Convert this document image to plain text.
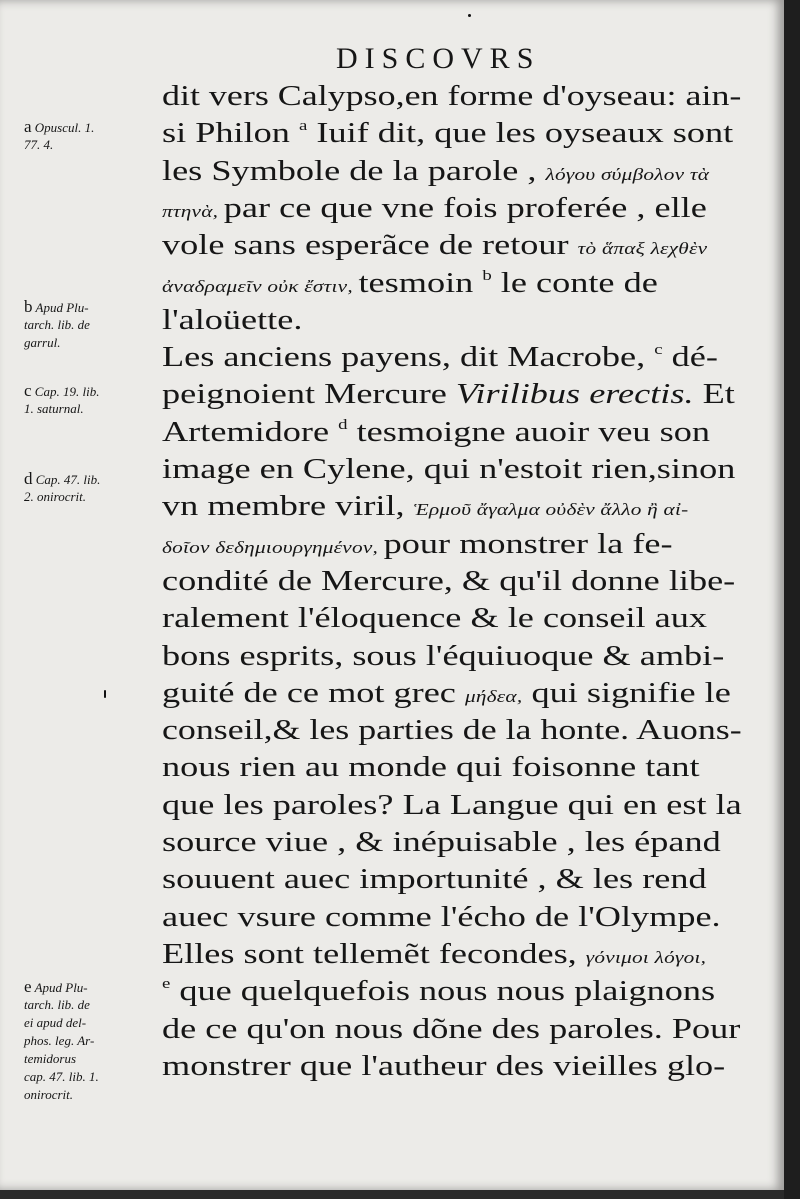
DISCOVRS
dit vers Calypso,en forme d'oyseau: ain-
si Philon $^a$ Iuif dit, que les oyseaux sont
les Symbole de la parole , λόγου σύμβολον τὰ
πτηνὰ, par ce que vne fois proferée , elle
vole sans esperãce de retour τὸ ἅπαξ λεχθὲν
ἀναδραμεῖν οὐκ ἔστιν, tesmoin $^b$ le conte de
l'aloüette.
Les anciens payens, dit Macrobe, $^c$ dé-
peignoient Mercure Virilibus erectis. Et
Artemidore $^d$ tesmoigne auoir veu son
image en Cylene, qui n'estoit rien,sinon
vn membre viril, Ἑρμοῦ ἄγαλμα οὐδὲν ἄλλο ἢ αἰ-
δοῖον δεδημιουργημένον, pour monstrer la fe-
condité de Mercure, & qu'il donne libe-
ralement l'éloquence & le conseil aux
bons esprits, sous l'équiuoque & ambi-
guité de ce mot grec μήδεα, qui signifie le
conseil,& les parties de la honte. Auons-
nous rien au monde qui foisonne tant
que les paroles? La Langue qui en est la
source viue , & inépuisable , les épand
souuent auec importunité , & les rend
auec vsure comme l'écho de l'Olympe.
Elles sont tellemẽt fecondes, γόνιμοι λόγοι,
$^e$ que quelquefois nous nous plaignons
de ce qu'on nous dõne des paroles. Pour
monstrer que l'autheur des vieilles glo-
a Opuscul. 1.
77. 4.
b Apud Plu-
tarch. lib. de
garrul.
c Cap. 19. lib.
1. saturnal.
d Cap. 47. lib.
2. onirocrit.
e Apud Plu-
tarch. lib. de
ei apud del-
phos. leg. Ar-
temidorus
cap. 47. lib. 1.
onirocrit.
